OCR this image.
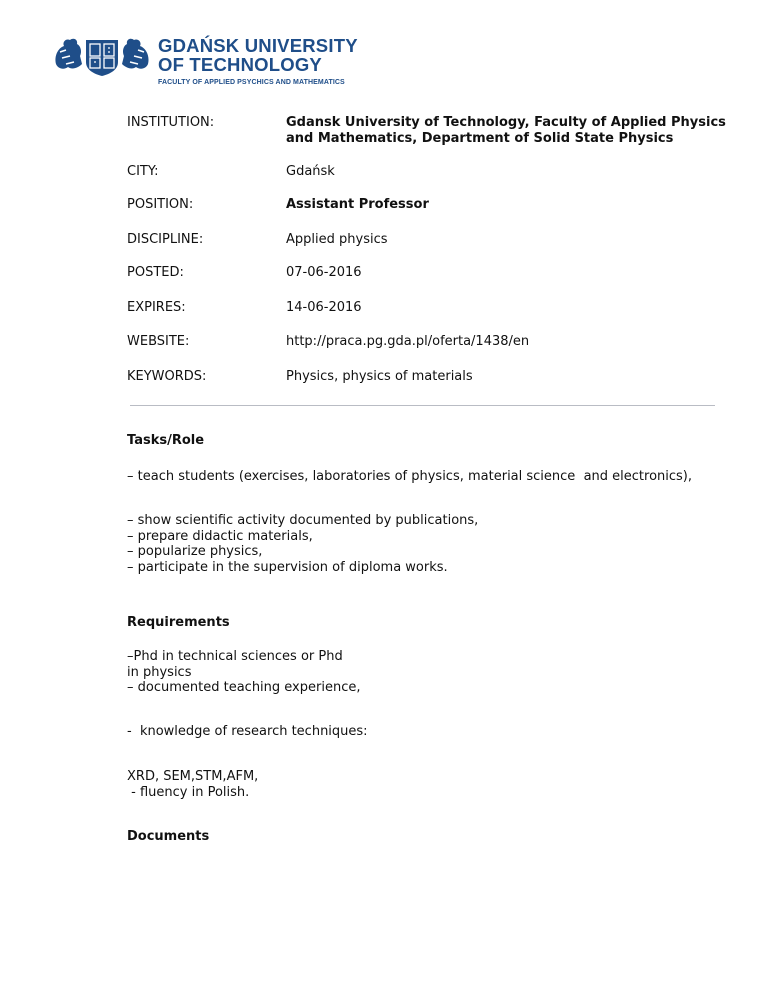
GDAŃSK UNIVERSITY
OF TECHNOLOGY
FACULTY OF APPLIED PSYCHICS AND MATHEMATICS
INSTITUTION:	Gdansk University of Technology, Faculty of Applied Physics and Mathematics, Department of Solid State Physics
CITY:	Gdańsk
POSITION:	Assistant Professor
DISCIPLINE:	Applied physics
POSTED:	07-06-2016
EXPIRES:	14-06-2016
WEBSITE:	http://praca.pg.gda.pl/oferta/1438/en
KEYWORDS:	Physics, physics of materials
Tasks/Role
– teach students (exercises, laboratories of physics, material science  and electronics),
– show scientific activity documented by publications,
– prepare didactic materials,
– popularize physics,
– participate in the supervision of diploma works.
Requirements
–Phd in technical sciences or Phd
in physics
– documented teaching experience,
-  knowledge of research techniques:
XRD, SEM,STM,AFM,
- fluency in Polish.
Documents
